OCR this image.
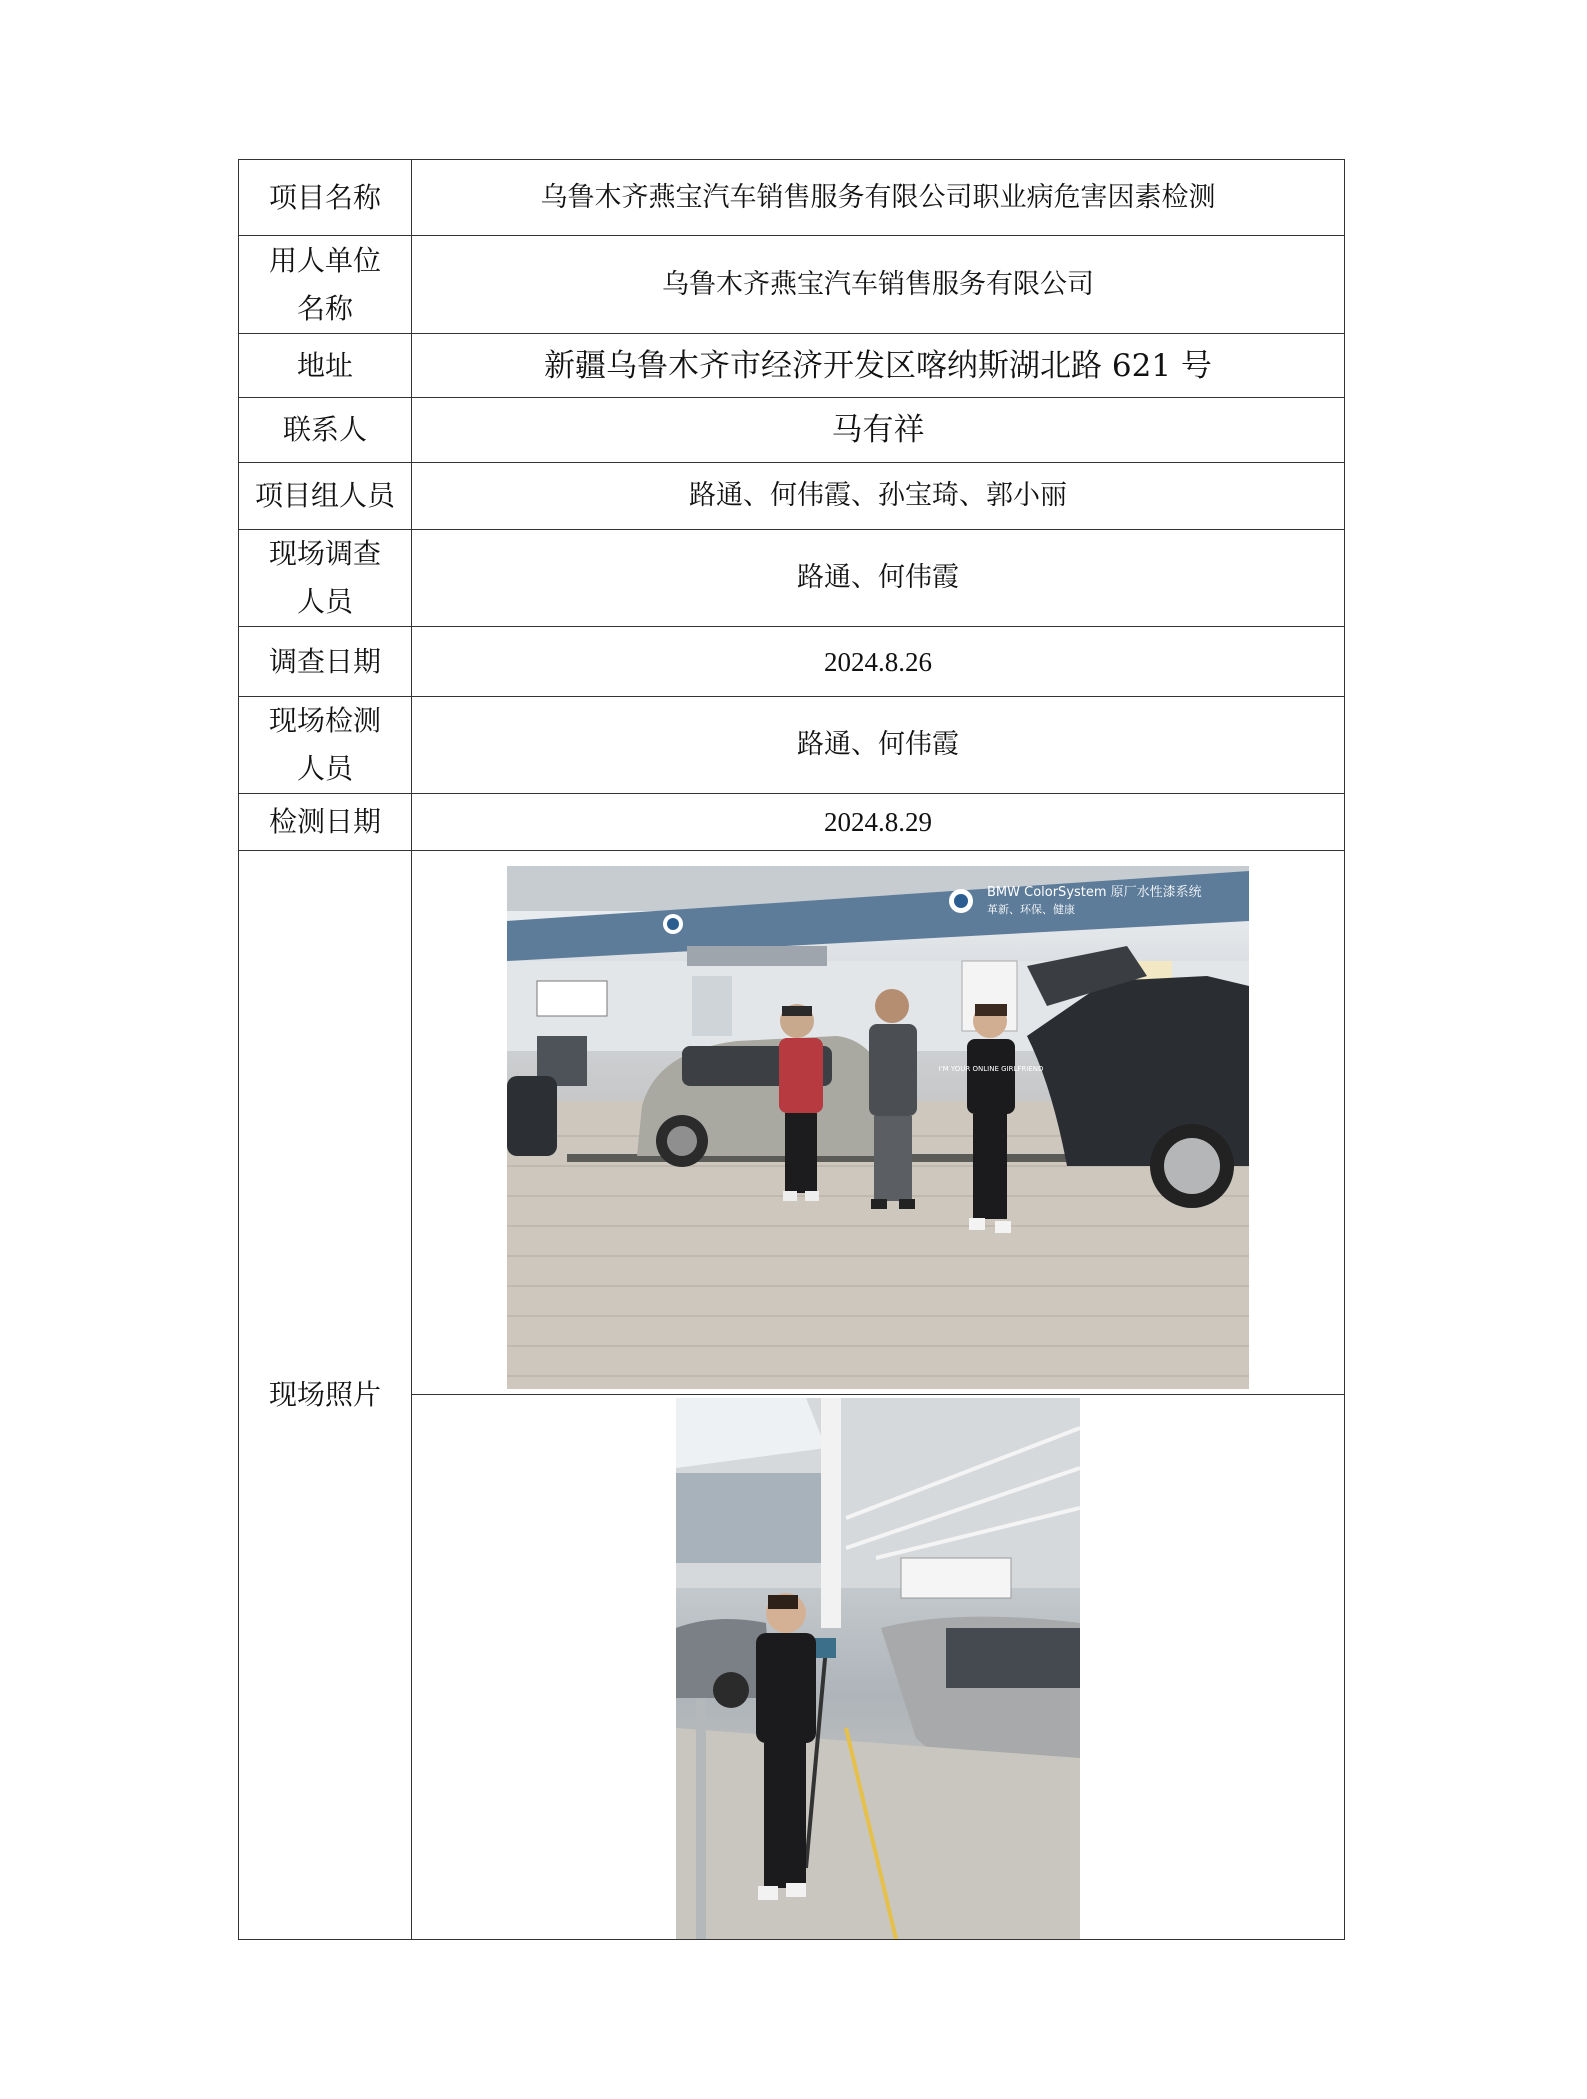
项目名称	乌鲁木齐燕宝汽车销售服务有限公司职业病危害因素检测

用人单位
名称	乌鲁木齐燕宝汽车销售服务有限公司
地址	新疆乌鲁木齐市经济开发区喀纳斯湖北路 621 号
联系人	马有祥
项目组人员	路通、何伟霞、孙宝琦、郭小丽

现场调查
人员	路通、何伟霞
调查日期	2024.8.26

现场检测
人员	路通、何伟霞
检测日期	2024.8.29
现场照片	BMW ColorSystem 原厂水性漆系统
革新、环保、健康
I'M YOUR ONLINE GIRLFRIEND
